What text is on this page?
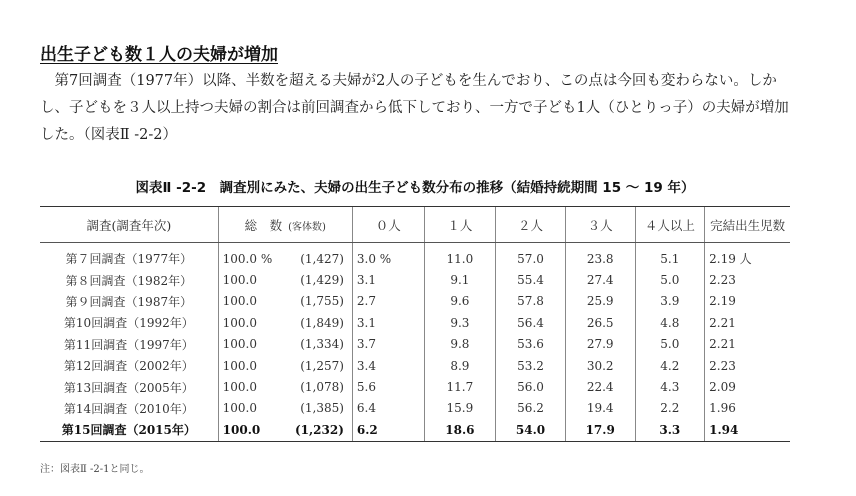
出生子ども数１人の夫婦が増加

第7回調査（1977年）以降、半数を超える夫婦が2人の子どもを生んでおり、この点は今回も変わらない。しかし、子どもを３人以上持つ夫婦の割合は前回調査から低下しており、一方で子ども1人（ひとりっ子）の夫婦が増加した。（図表Ⅱ -2-2）

図表Ⅱ -2-2　調査別にみた、夫婦の出生子ども数分布の推移（結婚持続期間 15 ～ 19 年）

調査(調査年次)	総　数 (客体数)	０人	１人	２人	３人	４人以上	完結出生児数
第７回調査（1977年）	100.0 % (1,427)	3.0 %	11.0	57.0	23.8	5.1	2.19 人
第８回調査（1982年）	100.0 (1,429)	3.1	9.1	55.4	27.4	5.0	2.23
第９回調査（1987年）	100.0 (1,755)	2.7	9.6	57.8	25.9	3.9	2.19
第10回調査（1992年）	100.0 (1,849)	3.1	9.3	56.4	26.5	4.8	2.21
第11回調査（1997年）	100.0 (1,334)	3.7	9.8	53.6	27.9	5.0	2.21
第12回調査（2002年）	100.0 (1,257)	3.4	8.9	53.2	30.2	4.2	2.23
第13回調査（2005年）	100.0 (1,078)	5.6	11.7	56.0	22.4	4.3	2.09
第14回調査（2010年）	100.0 (1,385)	6.4	15.9	56.2	19.4	2.2	1.96
第15回調査（2015年）	100.0 (1,232)	6.2	18.6	54.0	17.9	3.3	1.94

注：図表Ⅱ -2-1と同じ。
